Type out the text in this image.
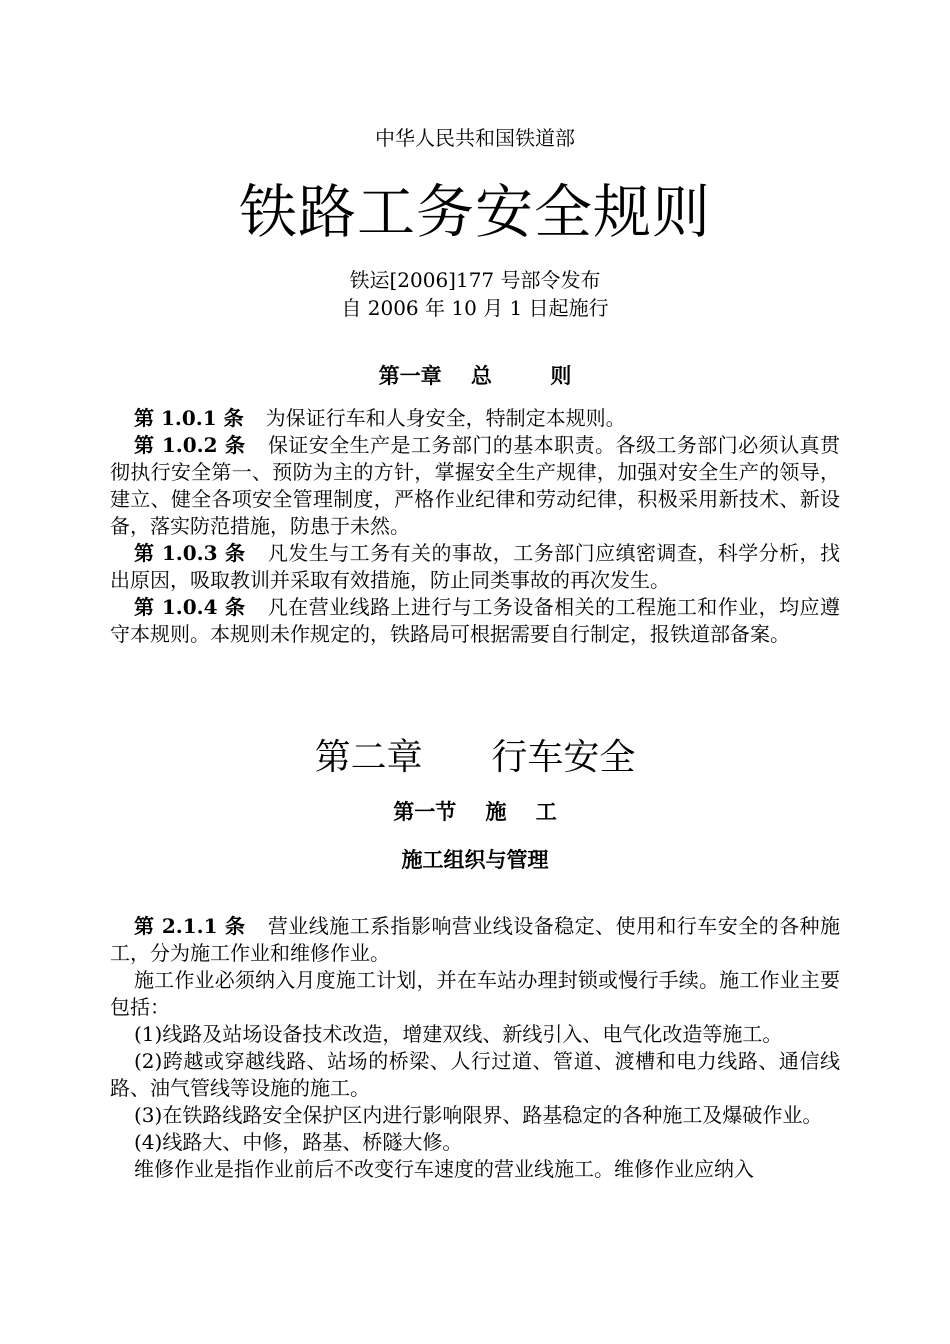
中华人民共和国铁道部
铁路工务安全规则
铁运[2006]177 号部令发布
自 2006 年 10 月 1 日起施行
第一章    总        则

第 1.0.1 条 为保证行车和人身安全，特制定本规则。

第 1.0.2 条 保证安全生产是工务部门的基本职责。各级工务部门必须认真贯彻执行安全第一、预防为主的方针，掌握安全生产规律，加强对安全生产的领导，建立、健全各项安全管理制度，严格作业纪律和劳动纪律，积极采用新技术、新设备，落实防范措施，防患于未然。

第 1.0.3 条 凡发生与工务有关的事故，工务部门应缜密调查，科学分析，找出原因，吸取教训并采取有效措施，防止同类事故的再次发生。

第 1.0.4 条 凡在营业线路上进行与工务设备相关的工程施工和作业，均应遵守本规则。本规则未作规定的，铁路局可根据需要自行制定，报铁道部备案。

第二章      行车安全
第一节    施    工
施工组织与管理

第 2.1.1 条 营业线施工系指影响营业线设备稳定、使用和行车安全的各种施工，分为施工作业和维修作业。

施工作业必须纳入月度施工计划，并在车站办理封锁或慢行手续。施工作业主要包括：

(1)线路及站场设备技术改造，增建双线、新线引入、电气化改造等施工。

(2)跨越或穿越线路、站场的桥梁、人行过道、管道、渡槽和电力线路、通信线路、油气管线等设施的施工。

(3)在铁路线路安全保护区内进行影响限界、路基稳定的各种施工及爆破作业。

(4)线路大、中修，路基、桥隧大修。

维修作业是指作业前后不改变行车速度的营业线施工。维修作业应纳入
